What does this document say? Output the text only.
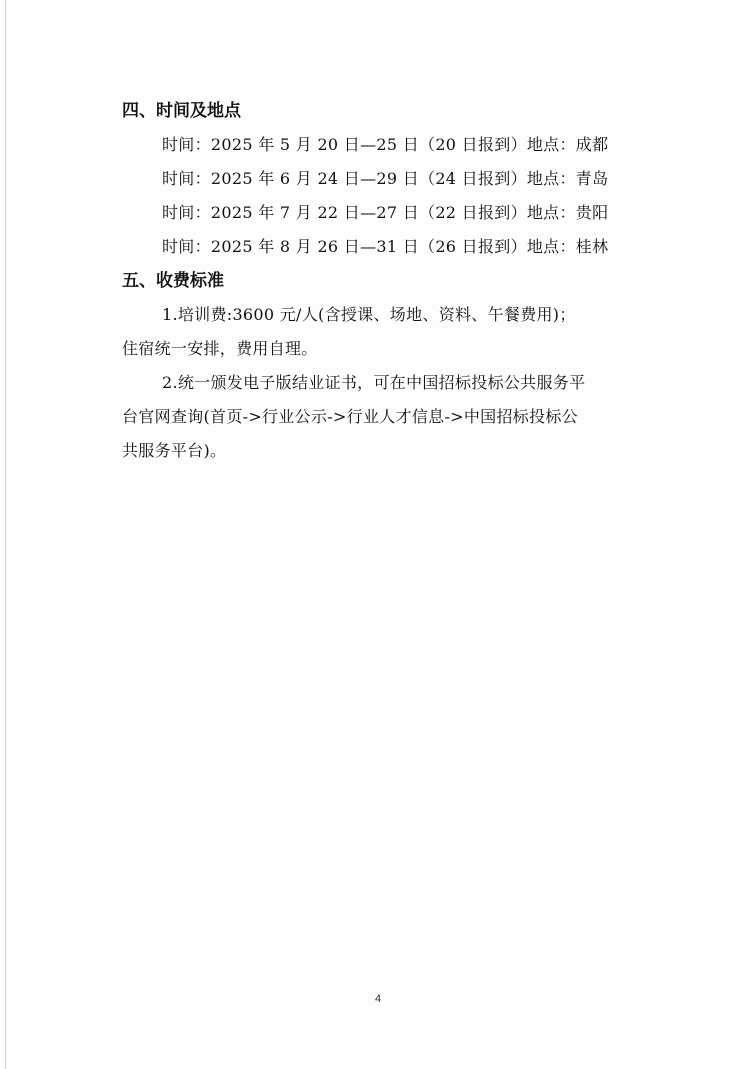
四、时间及地点
时间：2025 年 5 月 20 日—25 日（20 日报到）地点：成都
时间：2025 年 6 月 24 日—29 日（24 日报到）地点：青岛
时间：2025 年 7 月 22 日—27 日（22 日报到）地点：贵阳
时间：2025 年 8 月 26 日—31 日（26 日报到）地点：桂林
五、收费标准
1.培训费:3600 元/人(含授课、场地、资料、午餐费用)；
住宿统一安排，费用自理。
2.统一颁发电子版结业证书，可在中国招标投标公共服务平
台官网查询(首页->行业公示->行业人才信息->中国招标投标公
共服务平台)。
4
